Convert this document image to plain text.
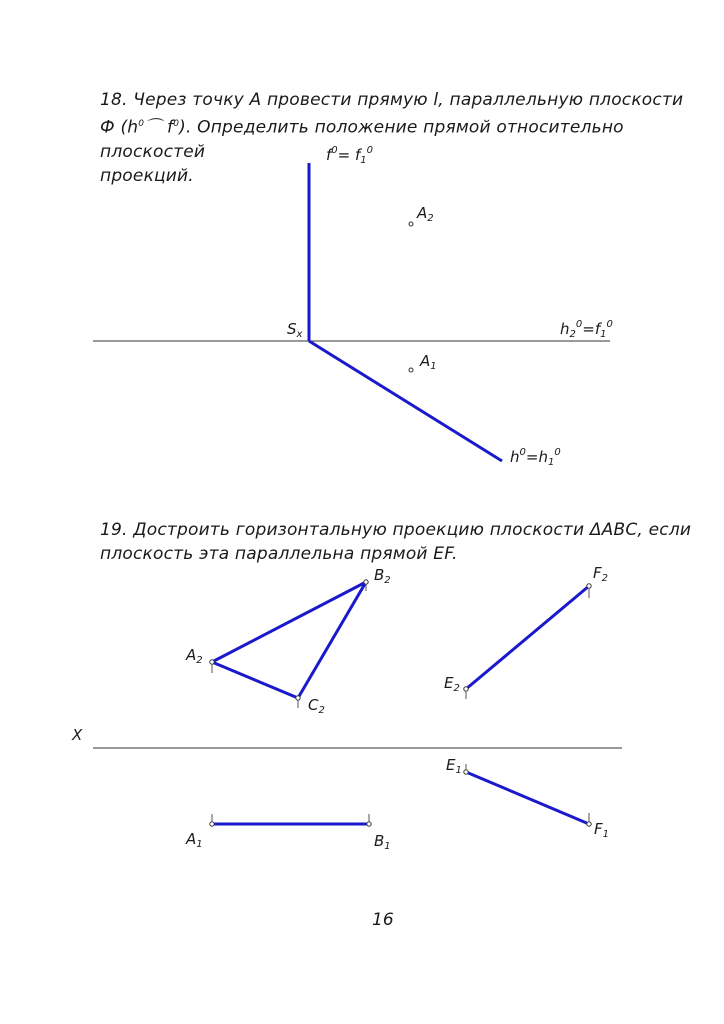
18. Через точку А провести прямую l, параллельную плоскости
Ф ($h^0⌒$ $f^0$). Определить положение прямой относительно плоскостей
проекций.
19. Достроить горизонтальную проекцию плоскости ΔАВС, если
плоскость эта параллельна прямой EF.
$f^0= f_1^0$
$A_2$
$S_x$
$A_1$
$h_2^0=f_1^0$
$h^0=h_1^0$
X
$B_2$	$F_2$
$A_2$
$C_2$
$E_2$
$E_1$
$A_1$	$B_1$
$F_1$
16
